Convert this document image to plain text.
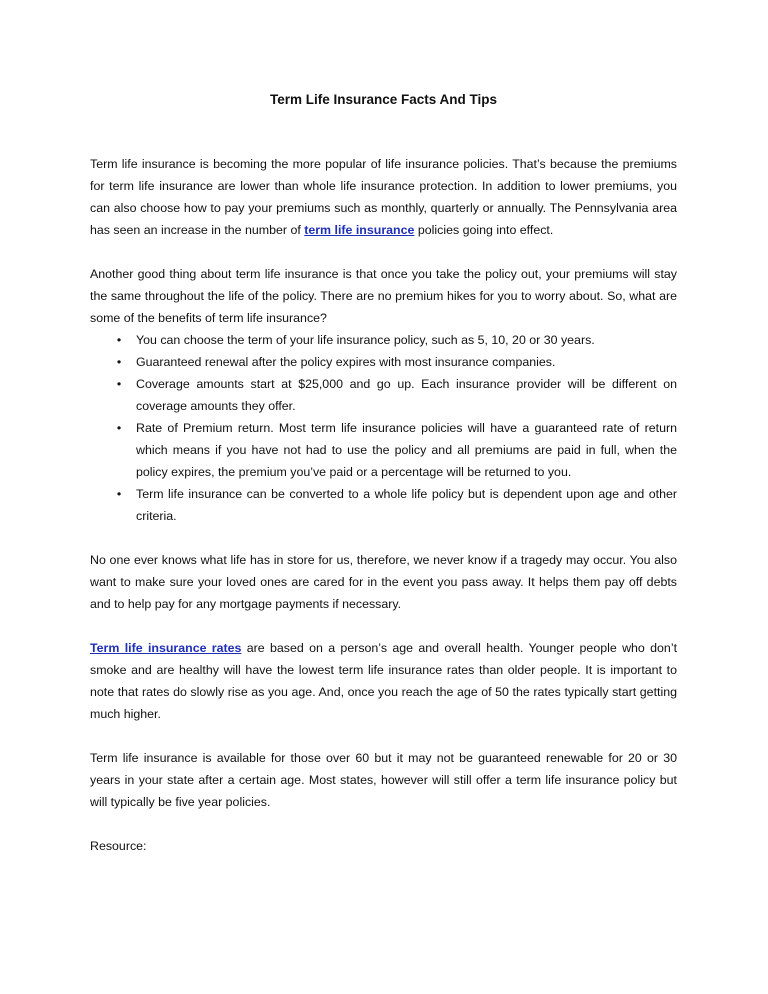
Term Life Insurance Facts And Tips

Term life insurance is becoming the more popular of life insurance policies. That’s because the premiums for term life insurance are lower than whole life insurance protection. In addition to lower premiums, you can also choose how to pay your premiums such as monthly, quarterly or annually. The Pennsylvania area has seen an increase in the number of term life insurance policies going into effect.

Another good thing about term life insurance is that once you take the policy out, your premiums will stay the same throughout the life of the policy. There are no premium hikes for you to worry about. So, what are some of the benefits of term life insurance?

•	You can choose the term of your life insurance policy, such as 5, 10, 20 or 30 years.
•	Guaranteed renewal after the policy expires with most insurance companies.
•	Coverage amounts start at $25,000 and go up. Each insurance provider will be different on coverage amounts they offer.
•	Rate of Premium return. Most term life insurance policies will have a guaranteed rate of return which means if you have not had to use the policy and all premiums are paid in full, when the policy expires, the premium you’ve paid or a percentage will be returned to you.
•	Term life insurance can be converted to a whole life policy but is dependent upon age and other criteria.

No one ever knows what life has in store for us, therefore, we never know if a tragedy may occur. You also want to make sure your loved ones are cared for in the event you pass away. It helps them pay off debts and to help pay for any mortgage payments if necessary.

Term life insurance rates are based on a person’s age and overall health. Younger people who don’t smoke and are healthy will have the lowest term life insurance rates than older people. It is important to note that rates do slowly rise as you age. And, once you reach the age of 50 the rates typically start getting much higher.

Term life insurance is available for those over 60 but it may not be guaranteed renewable for 20 or 30 years in your state after a certain age. Most states, however will still offer a term life insurance policy but will typically be five year policies.

Resource:
